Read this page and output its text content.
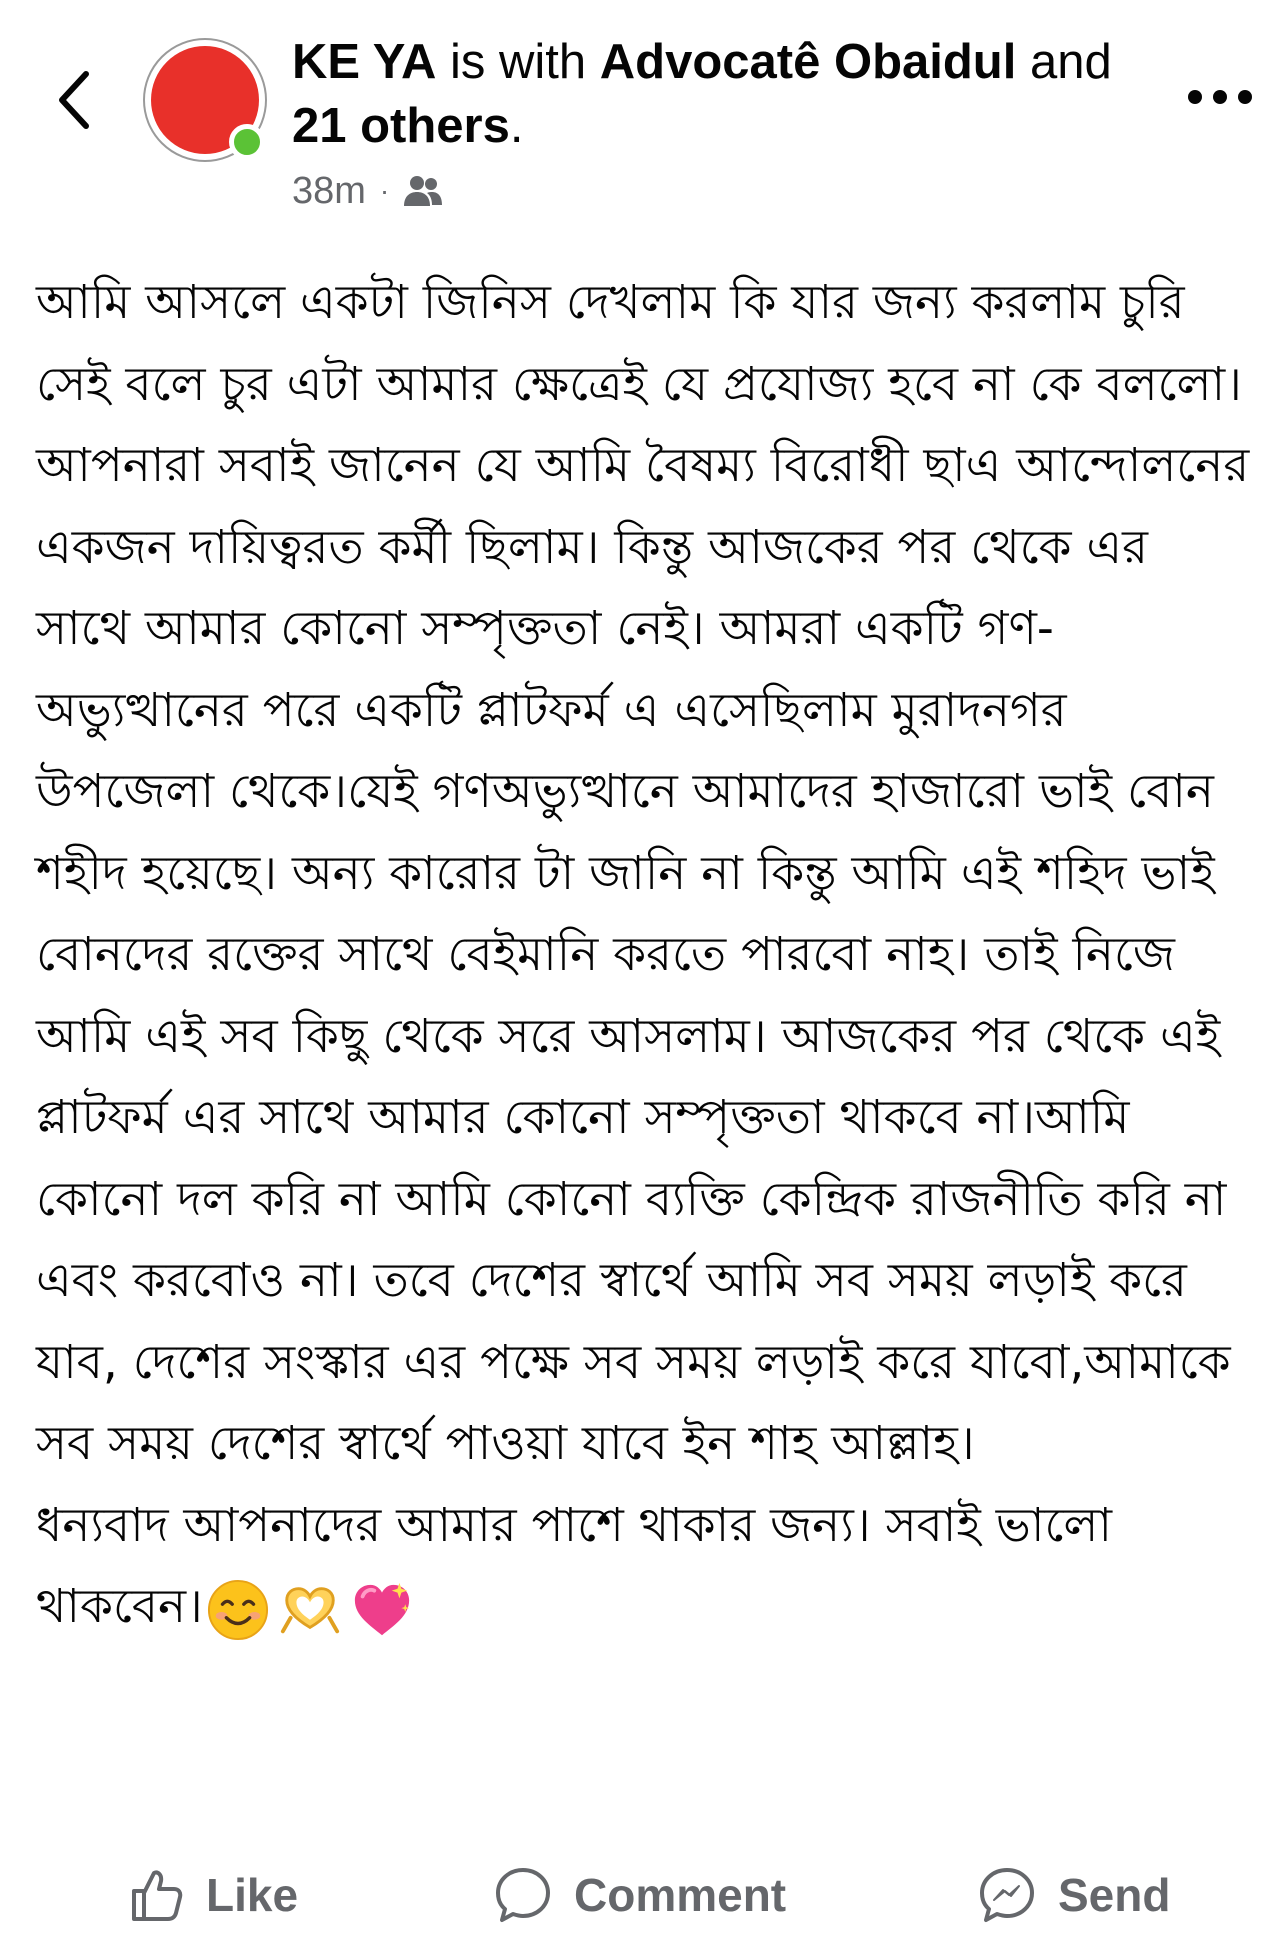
KE YA is with Advocatê Obaidul and 21 others.
38m ·
আমি আসলে একটা জিনিস দেখলাম কি যার জন্য করলাম চুরি সেই বলে চুর এটা আমার ক্ষেত্রেই যে প্রযোজ্য হবে না কে বললো। আপনারা সবাই জানেন যে আমি বৈষম্য বিরোধী ছাএ আন্দোলনের একজন দায়িত্বরত কর্মী ছিলাম। কিন্তু আজকের পর থেকে এর সাথে আমার কোনো সম্পৃক্ততা নেই। আমরা একটি গণ-অভ্যুত্থানের পরে একটি প্লাটফর্ম এ এসেছিলাম মুরাদনগর উপজেলা থেকে।যেই গণঅভ্যুত্থানে আমাদের হাজারো ভাই বোন শহীদ হয়েছে। অন্য কারোর টা জানি না কিন্তু আমি এই শহিদ ভাই বোনদের রক্তের সাথে বেইমানি করতে পারবো নাহ। তাই নিজে আমি এই সব কিছু থেকে সরে আসলাম। আজকের পর থেকে এই প্লাটফর্ম এর সাথে আমার কোনো সম্পৃক্ততা থাকবে না।আমি কোনো দল করি না আমি কোনো ব্যক্তি কেন্দ্রিক রাজনীতি করি না এবং করবোও না। তবে দেশের স্বার্থে আমি সব সময় লড়াই করে যাব, দেশের সংস্কার এর পক্ষে সব সময় লড়াই করে যাবো,আমাকে সব সময় দেশের স্বার্থে পাওয়া যাবে ইন শাহ আল্লাহ।
ধন্যবাদ আপনাদের আমার পাশে থাকার জন্য। সবাই ভালো থাকবেন।
Like	Comment	Send
